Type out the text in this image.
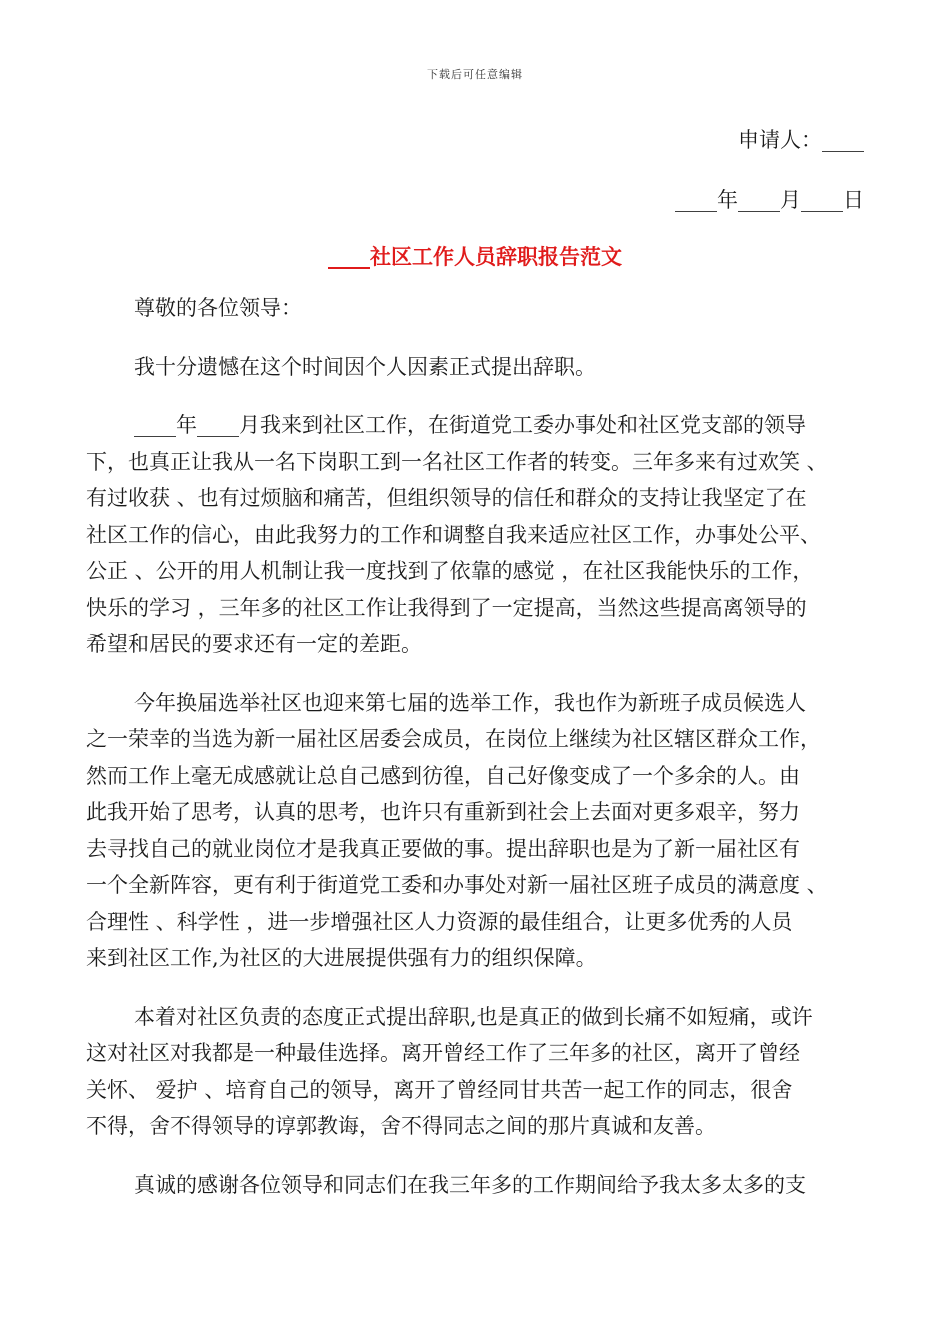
下载后可任意编辑
申请人：____
____年____月____日
____社区工作人员辞职报告范文
尊敬的各位领导：
我十分遗憾在这个时间因个人因素正式提出辞职。
____年____月我来到社区工作，在街道党工委办事处和社区党支部的领导
下，也真正让我从一名下岗职工到一名社区工作者的转变。三年多来有过欢笑 、
有过收获 、也有过烦脑和痛苦，但组织领导的信任和群众的支持让我坚定了在
社区工作的信心，由此我努力的工作和调整自我来适应社区工作，办事处公平、
公正 、公开的用人机制让我一度找到了依靠的感觉 ，在社区我能快乐的工作，
快乐的学习 ，三年多的社区工作让我得到了一定提高，当然这些提高离领导的
希望和居民的要求还有一定的差距。
今年换届选举社区也迎来第七届的选举工作，我也作为新班子成员候选人
之一荣幸的当选为新一届社区居委会成员，在岗位上继续为社区辖区群众工作，
然而工作上毫无成感就让总自己感到彷徨，自己好像变成了一个多余的人。由
此我开始了思考，认真的思考，也许只有重新到社会上去面对更多艰辛，努力
去寻找自己的就业岗位才是我真正要做的事。提出辞职也是为了新一届社区有
一个全新阵容，更有利于街道党工委和办事处对新一届社区班子成员的满意度 、
合理性 、科学性 ，进一步增强社区人力资源的最佳组合，让更多优秀的人员
来到社区工作,为社区的大进展提供强有力的组织保障。
本着对社区负责的态度正式提出辞职,也是真正的做到长痛不如短痛，或许
这对社区对我都是一种最佳选择。离开曾经工作了三年多的社区，离开了曾经
关怀、 爱护 、培育自己的领导，离开了曾经同甘共苦一起工作的同志，很舍
不得，舍不得领导的谆郭教诲，舍不得同志之间的那片真诚和友善。
真诚的感谢各位领导和同志们在我三年多的工作期间给予我太多太多的支
